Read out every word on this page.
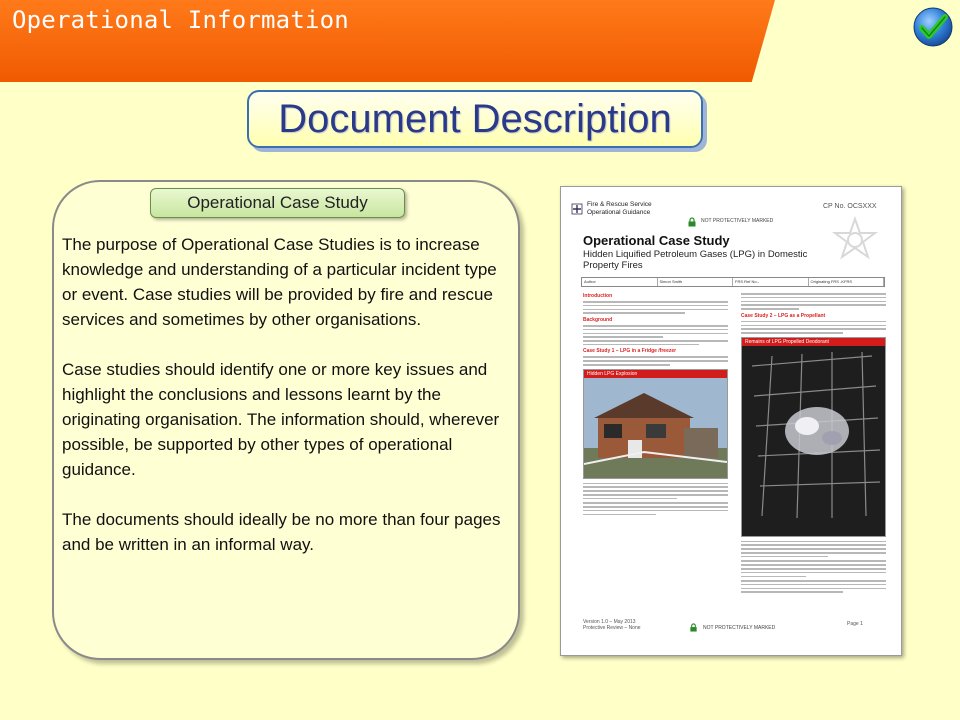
Operational Information
Document Description
Operational Case Study

The purpose of Operational Case Studies is to increase knowledge and understanding of a particular incident type or event. Case studies will be provided by fire and rescue services and sometimes by other organisations.

Case studies should identify one or more key issues and highlight the conclusions and lessons learnt by the originating organisation. The information should, wherever possible, be supported by other types of operational guidance.

The documents should ideally be no more than four pages and be written in an informal way.

Fire & Rescue Service
Operational Guidance
NOT PROTECTIVELY MARKED
CP No. OCSXXX
Operational Case Study
Hidden Liquified Petroleum Gases (LPG) in Domestic Property Fires
Author	Simon Smith	FRS Ref No.-	Originating FRS -KFRS
Introduction
Background
Case Study 1 – LPG in a Fridge /freezer
Hidden LPG Explosion
Case Study 2 – LPG as a Propellant
Remains of LPG Propelled Deodorant
Version 1.0 – May 2013
Protective Review – None	NOT PROTECTIVELY MARKED
Page 1
